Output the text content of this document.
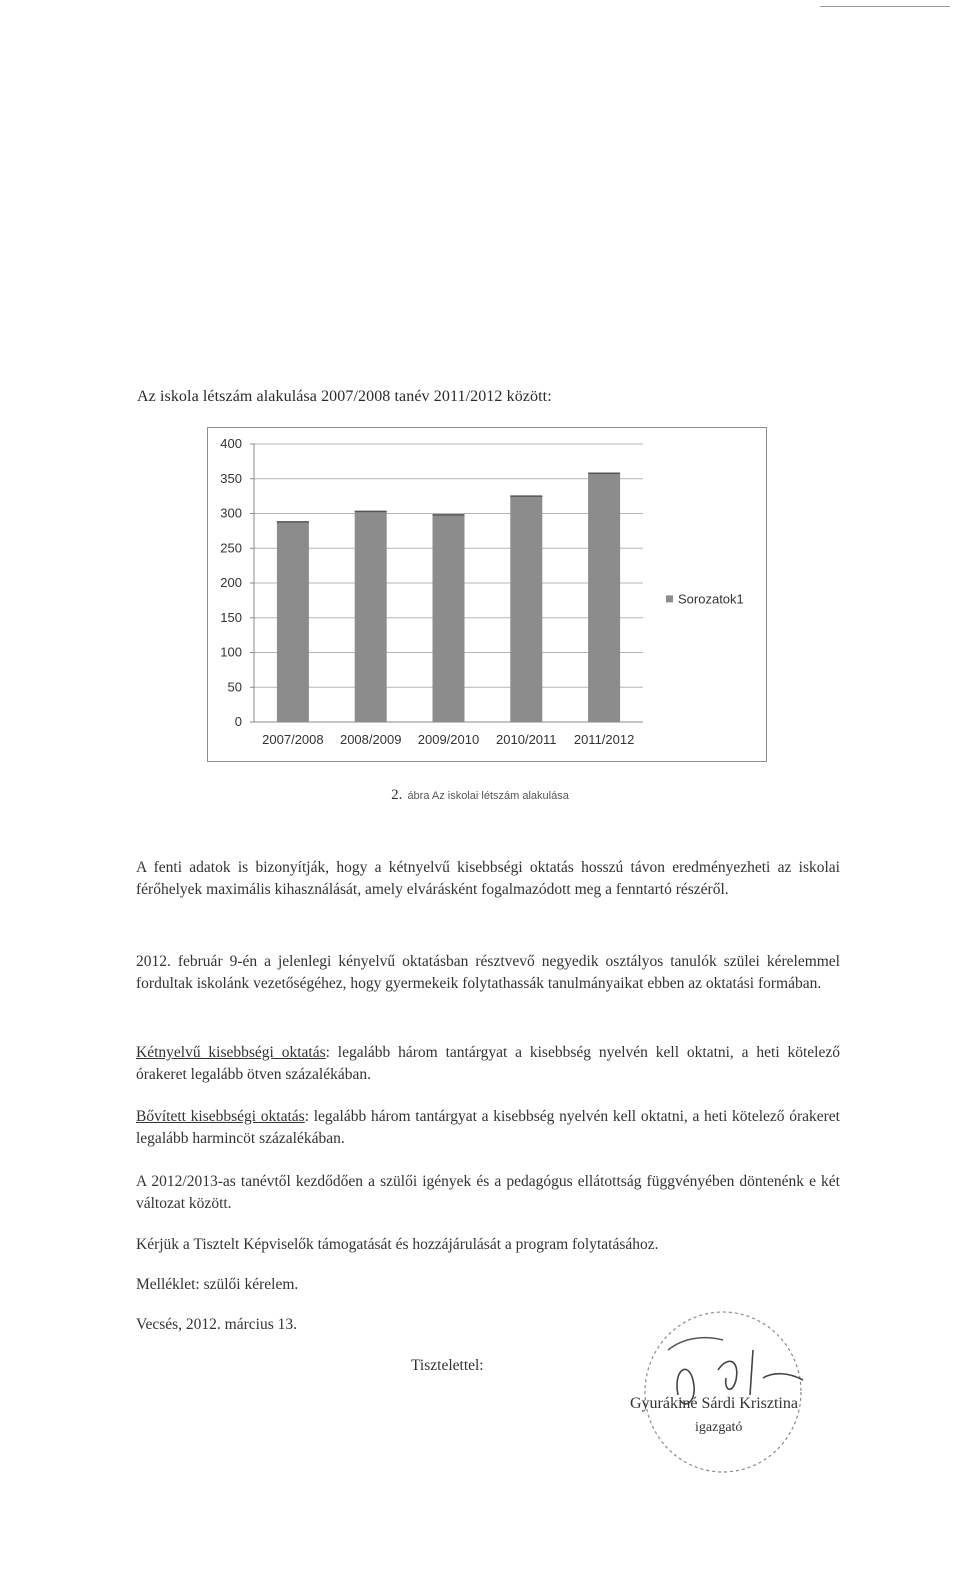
Az iskola létszám alakulása 2007/2008 tanév 2011/2012 között:
0
50
100
150
200
250
300
350
400
2007/2008 2008/2009 2009/2010 2010/2011 2011/2012
Sorozatok1
2. ábra Az iskolai létszám alakulása
A fenti adatok is bizonyítják, hogy a kétnyelvű kisebbségi oktatás hosszú távon eredményezheti az iskolai férőhelyek maximális kihasználását, amely elvárásként fogalmazódott meg a fenntartó részéről.
2012. február 9-én a jelenlegi kényelvű oktatásban résztvevő negyedik osztályos tanulók szülei kérelemmel fordultak iskolánk vezetőségéhez, hogy gyermekeik folytathassák tanulmányaikat ebben az oktatási formában.
Kétnyelvű kisebbségi oktatás: legalább három tantárgyat a kisebbség nyelvén kell oktatni, a heti kötelező órakeret legalább ötven százalékában.
Bővített kisebbségi oktatás: legalább három tantárgyat a kisebbség nyelvén kell oktatni, a heti kötelező órakeret legalább harmincöt százalékában.
A 2012/2013-as tanévtől kezdődően a szülői igények és a pedagógus ellátottság függvényében döntenénk e két változat között.
Kérjük a Tisztelt Képviselők támogatását és hozzájárulását a program folytatásához.
Melléklet: szülői kérelem.
Vecsés, 2012. március 13.
Tisztelettel:
Gyurákiné Sárdi Krisztina
igazgató
